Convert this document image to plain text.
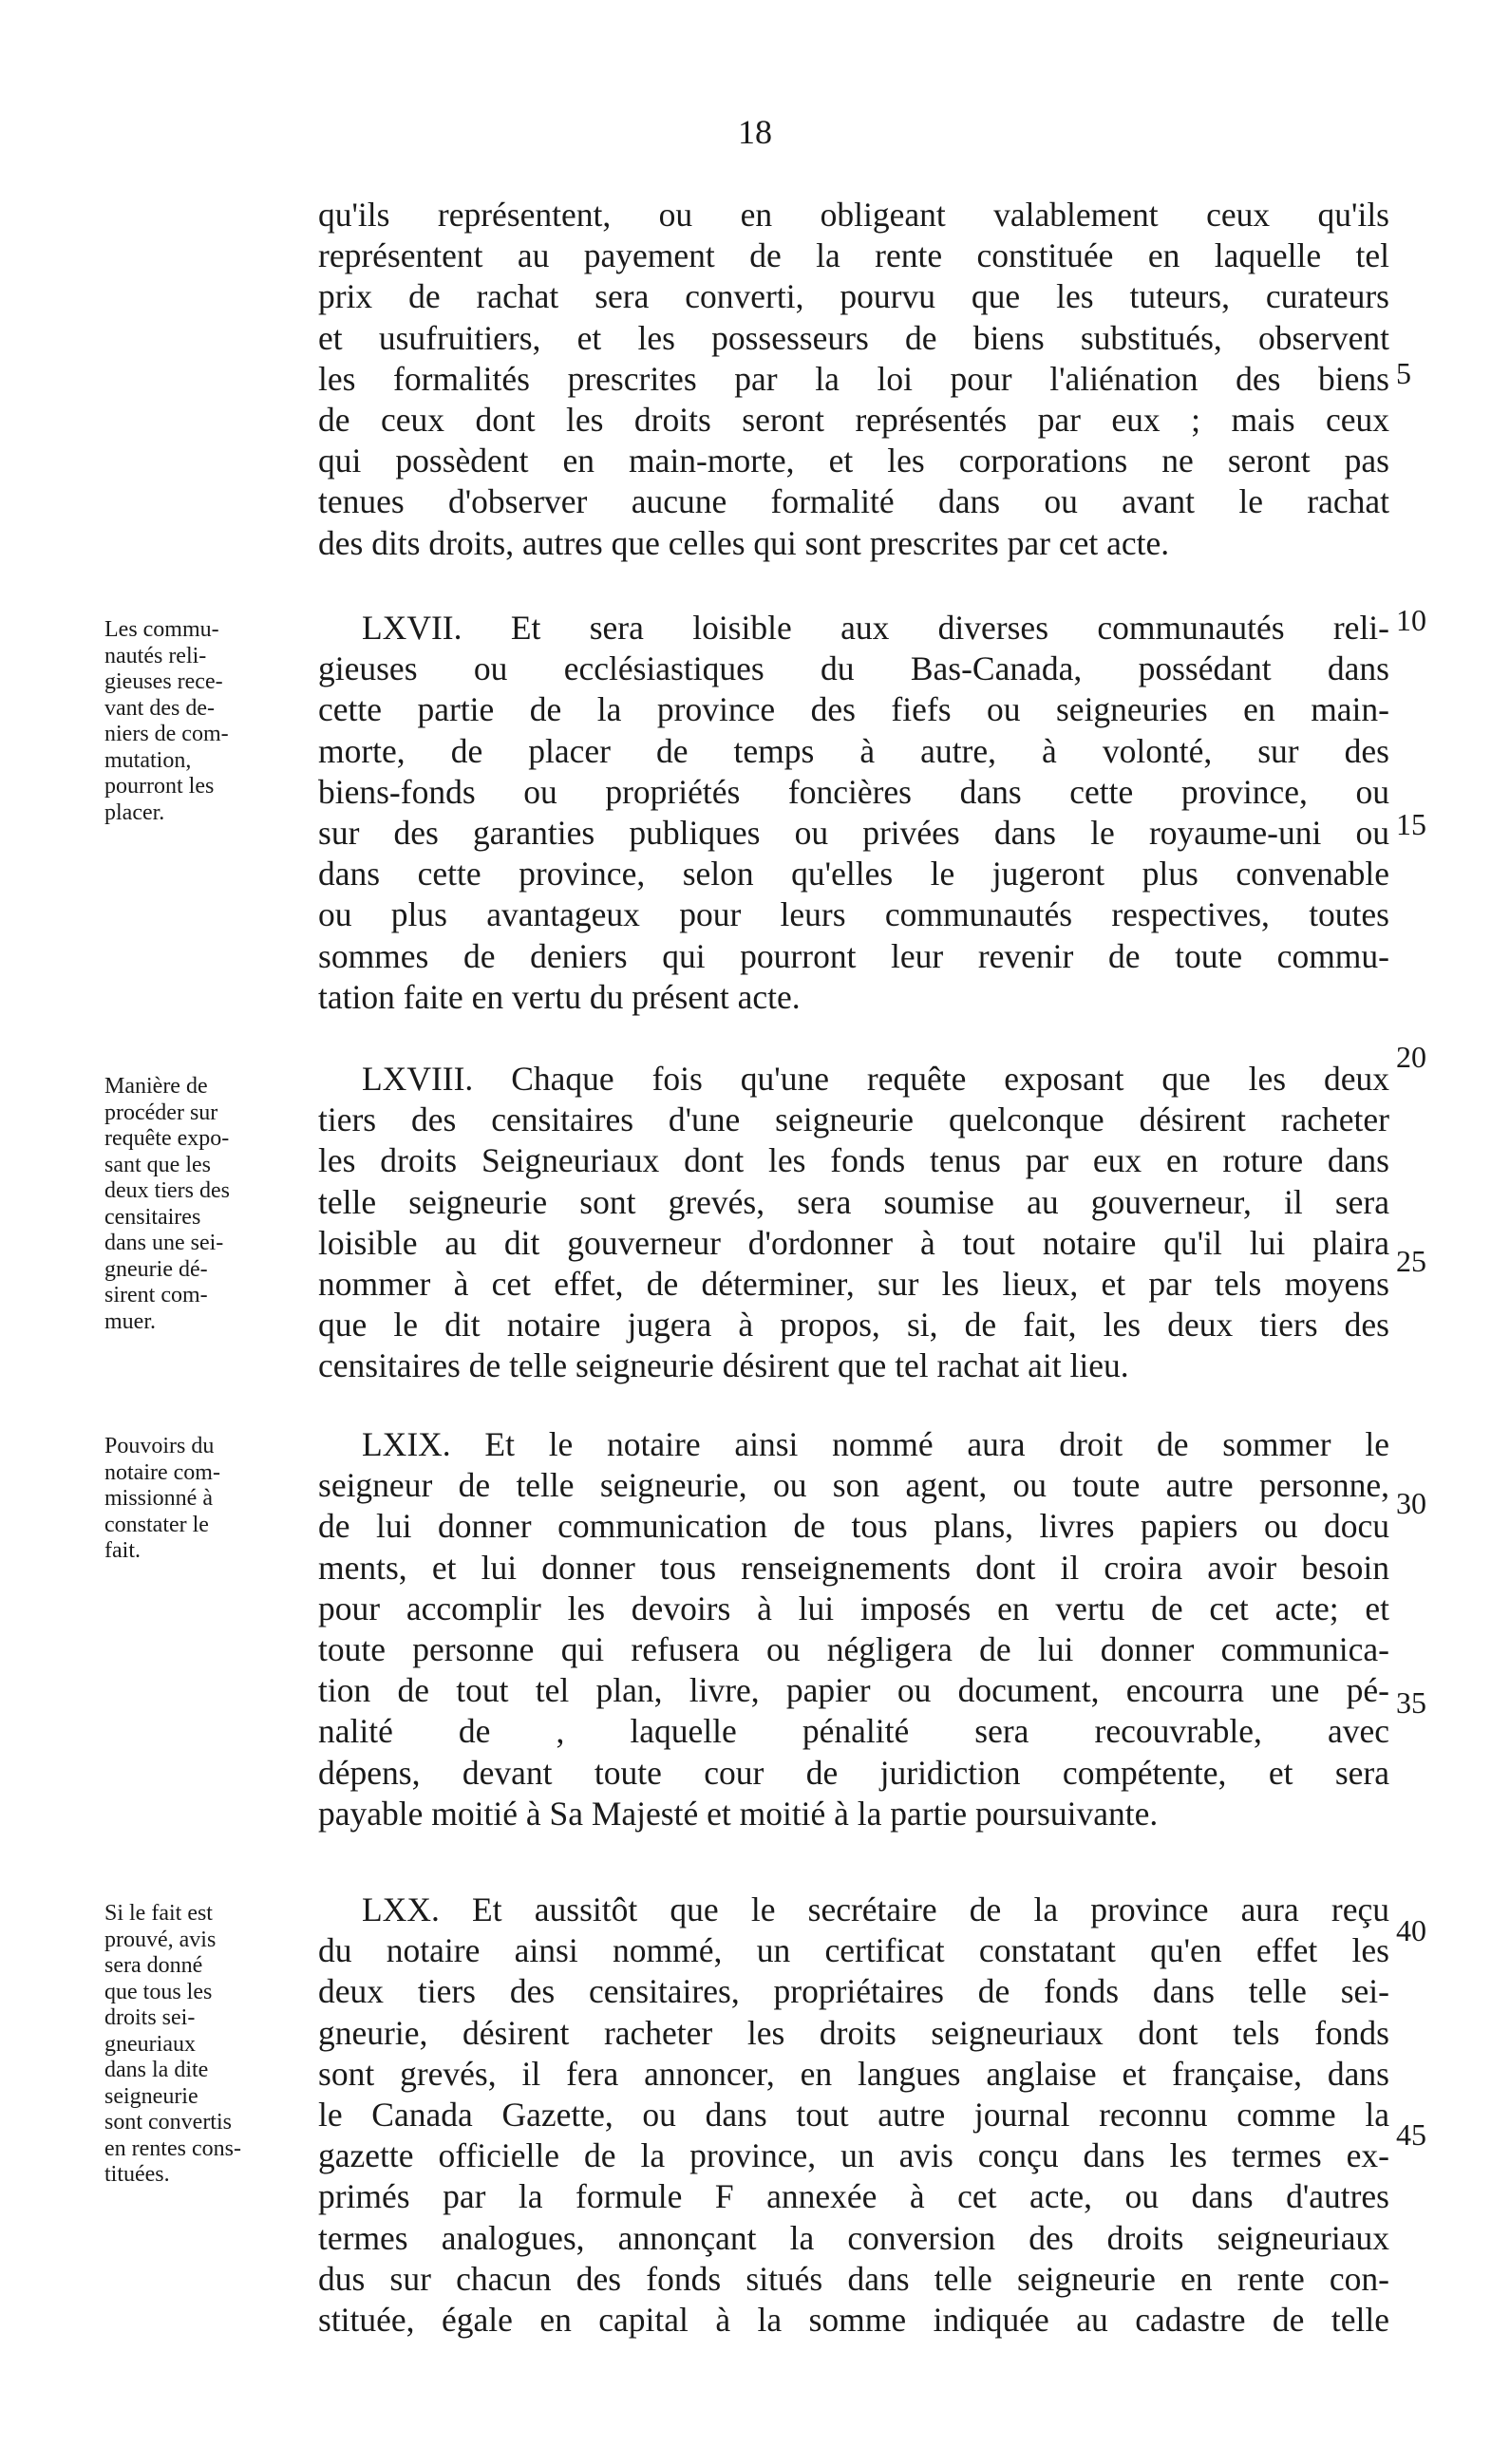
18
qu'ils représentent, ou en obligeant valablement ceux qu'ils
représentent au payement de la rente constituée en laquelle tel
prix de rachat sera converti, pourvu que les tuteurs, curateurs
et usufruitiers, et les possesseurs de biens substitués, observent
les formalités prescrites par la loi pour l'aliénation des biens
de ceux dont les droits seront représentés par eux ; mais ceux
qui possèdent en main-morte, et les corporations ne seront pas
tenues d'observer aucune formalité dans ou avant le rachat
des dits droits, autres que celles qui sont prescrites par cet acte.
Les commu-
nautés reli-
gieuses rece-
vant des de-
niers de com-
mutation,
pourront les
placer.
LXVII. Et sera loisible aux diverses communautés reli-
gieuses ou ecclésiastiques du Bas-Canada, possédant dans
cette partie de la province des fiefs ou seigneuries en main-
morte, de placer de temps à autre, à volonté, sur des
biens-fonds ou propriétés foncières dans cette province, ou
sur des garanties publiques ou privées dans le royaume-uni ou
dans cette province, selon qu'elles le jugeront plus convenable
ou plus avantageux pour leurs communautés respectives, toutes
sommes de deniers qui pourront leur revenir de toute commu-
tation faite en vertu du présent acte.
Manière de
procéder sur
requête expo-
sant que les
deux tiers des
censitaires
dans une sei-
gneurie dé-
sirent com-
muer.
LXVIII. Chaque fois qu'une requête exposant que les deux
tiers des censitaires d'une seigneurie quelconque désirent racheter
les droits Seigneuriaux dont les fonds tenus par eux en roture dans
telle seigneurie sont grevés, sera soumise au gouverneur, il sera
loisible au dit gouverneur d'ordonner à tout notaire qu'il lui plaira
nommer à cet effet, de déterminer, sur les lieux, et par tels moyens
que le dit notaire jugera à propos, si, de fait, les deux tiers des
censitaires de telle seigneurie désirent que tel rachat ait lieu.
Pouvoirs du
notaire com-
missionné à
constater le
fait.
LXIX. Et le notaire ainsi nommé aura droit de sommer le
seigneur de telle seigneurie, ou son agent, ou toute autre personne,
de lui donner communication de tous plans, livres papiers ou docu
ments, et lui donner tous renseignements dont il croira avoir besoin
pour accomplir les devoirs à lui imposés en vertu de cet acte; et
toute personne qui refusera ou négligera de lui donner communica-
tion de tout tel plan, livre, papier ou document, encourra une pé-
nalité de , laquelle pénalité sera recouvrable, avec
dépens, devant toute cour de juridiction compétente, et sera
payable moitié à Sa Majesté et moitié à la partie poursuivante.
Si le fait est
prouvé, avis
sera donné
que tous les
droits sei-
gneuriaux
dans la dite
seigneurie
sont convertis
en rentes cons-
tituées.
LXX. Et aussitôt que le secrétaire de la province aura reçu
du notaire ainsi nommé, un certificat constatant qu'en effet les
deux tiers des censitaires, propriétaires de fonds dans telle sei-
gneurie, désirent racheter les droits seigneuriaux dont tels fonds
sont grevés, il fera annoncer, en langues anglaise et française, dans
le Canada Gazette, ou dans tout autre journal reconnu comme la
gazette officielle de la province, un avis conçu dans les termes ex-
primés par la formule F annexée à cet acte, ou dans d'autres
termes analogues, annonçant la conversion des droits seigneuriaux
dus sur chacun des fonds situés dans telle seigneurie en rente con-
stituée, égale en capital à la somme indiquée au cadastre de telle
5
10
15
20
25
30
35
40
45
